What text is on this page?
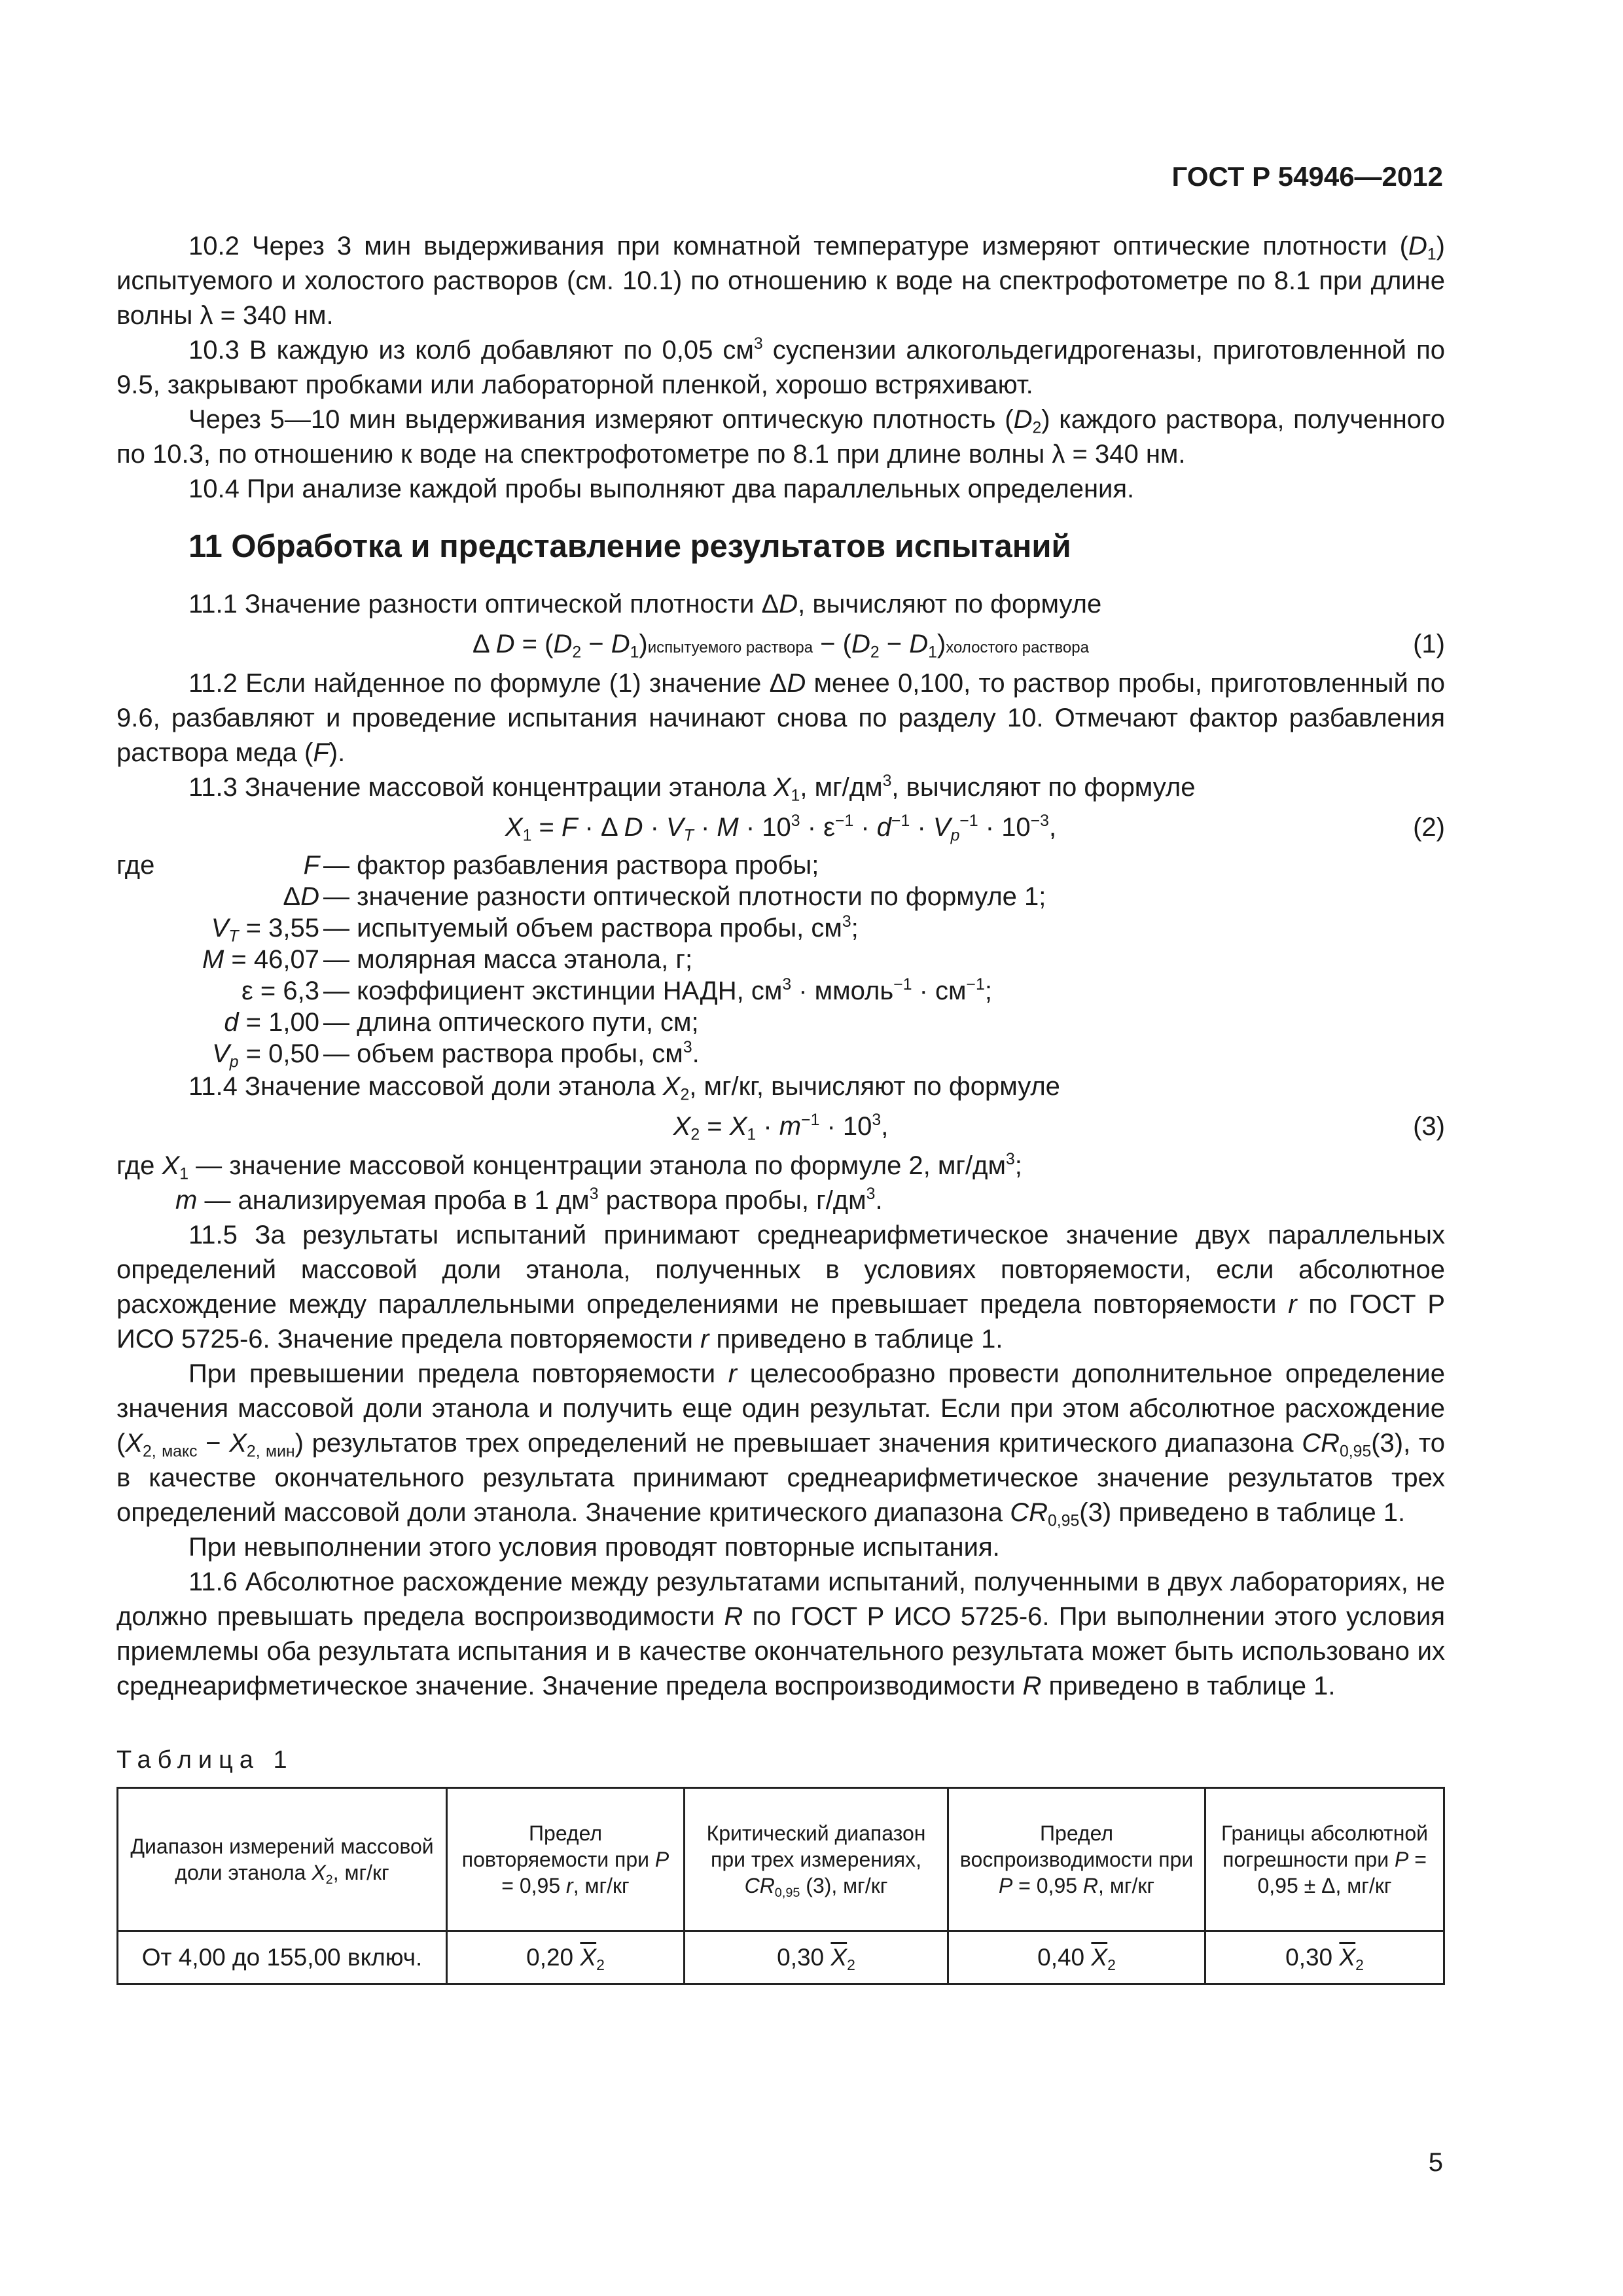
ГОСТ Р 54946—2012

10.2 Через 3 мин выдерживания при комнатной температуре измеряют оптические плотности $(D_1)$ испытуемого и холостого растворов (см. 10.1) по отношению к воде на спектрофотометре по 8.1 при длине волны λ = 340 нм.

10.3 В каждую из колб добавляют по 0,05 $см^3$ суспензии алкогольдегидрогеназы, приготовленной по 9.5, закрывают пробками или лабораторной пленкой, хорошо встряхивают.

Через 5—10 мин выдерживания измеряют оптическую плотность $(D_2)$ каждого раствора, полученного по 10.3, по отношению к воде на спектрофотометре по 8.1 при длине волны λ = 340 нм.

10.4 При анализе каждой пробы выполняют два параллельных определения.

11 Обработка и представление результатов испытаний

11.1 Значение разности оптической плотности ΔD, вычисляют по формуле

Δ $D = (D_2$ − $D_1)испытуемого$ раствора − ($D_2$ − $D_1)холостого$ раствора	(1)

11.2 Если найденное по формуле (1) значение ΔD менее 0,100, то раствор пробы, приготовленный по 9.6, разбавляют и проведение испытания начинают снова по разделу 10. Отмечают фактор разбавления раствора меда (F).

11.3 Значение массовой концентрации этанола $X_1$, $мг/дм^3$, вычисляют по формуле

$X_1 = F \cdot \Delta$ $D \cdot V_T \cdot M \cdot 10^3 \cdot \varepsilon^{-1} \cdot d^{-1} \cdot V_p^{-1} \cdot 10^{-3}$,	(2)
где	F — фактор разбавления раствора пробы;
ΔD — значение разности оптической плотности по формуле 1;
$V_T = 3,55$ — испытуемый объем раствора пробы, $см^3$;
M = 46,07 — молярная масса этанола, г;
ε = 6,3 — коэффициент экстинции НАДН, $см^3$ · ммоль$^{-1}$ · $см^{-1}$;
d = 1,00 — длина оптического пути, см;
$V_p = 0,50$ — объем раствора пробы, $см^3$.

11.4 Значение массовой доли этанола $X_2$, мг/кг, вычисляют по формуле

$X_2 = X_1 \cdot m^{-1} \cdot 10^3$,	(3)

где $X_1$ — значение массовой концентрации этанола по формуле 2, $мг/дм^3$;

m — анализируемая проба в 1 $дм^3$ раствора пробы, $г/дм^3$.

11.5 За результаты испытаний принимают среднеарифметическое значение двух параллельных определений массовой доли этанола, полученных в условиях повторяемости, если абсолютное расхождение между параллельными определениями не превышает предела повторяемости r по ГОСТ Р ИСО 5725-6. Значение предела повторяемости r приведено в таблице 1.

При превышении предела повторяемости r целесообразно провести дополнительное определение значения массовой доли этанола и получить еще один результат. Если при этом абсолютное расхождение $(X_{2, макс} - X_{2, мин})$ результатов трех определений не превышает значения критического диапазона $CR_{0,95}(3)$, то в качестве окончательного результата принимают среднеарифметическое значение результатов трех определений массовой доли этанола. Значение критического диапазона $CR_{0,95}(3)$ приведено в таблице 1.

При невыполнении этого условия проводят повторные испытания.

11.6 Абсолютное расхождение между результатами испытаний, полученными в двух лабораториях, не должно превышать предела воспроизводимости R по ГОСТ Р ИСО 5725-6. При выполнении этого условия приемлемы оба результата испытания и в качестве окончательного результата может быть использовано их среднеарифметическое значение. Значение предела воспроизводимости R приведено в таблице 1.

Таблица 1
Диапазон измерений массовой доли этанола $X_2$, мг/кг	Предел повторяемости при P = 0,95 r, мг/кг	Критический диапазон при трех измерениях, $CR_{0,95}$ (3), мг/кг	Предел воспроизводимости при P = 0,95 R, мг/кг	Границы абсолютной погрешности при P = 0,95 ± Δ, мг/кг
От 4,00 до 155,00 включ.	0,20 $\overline{X}_2$	0,30 $\overline{X}_2$	0,40 $\overline{X}_2$	0,30 $\overline{X}_2$
5
